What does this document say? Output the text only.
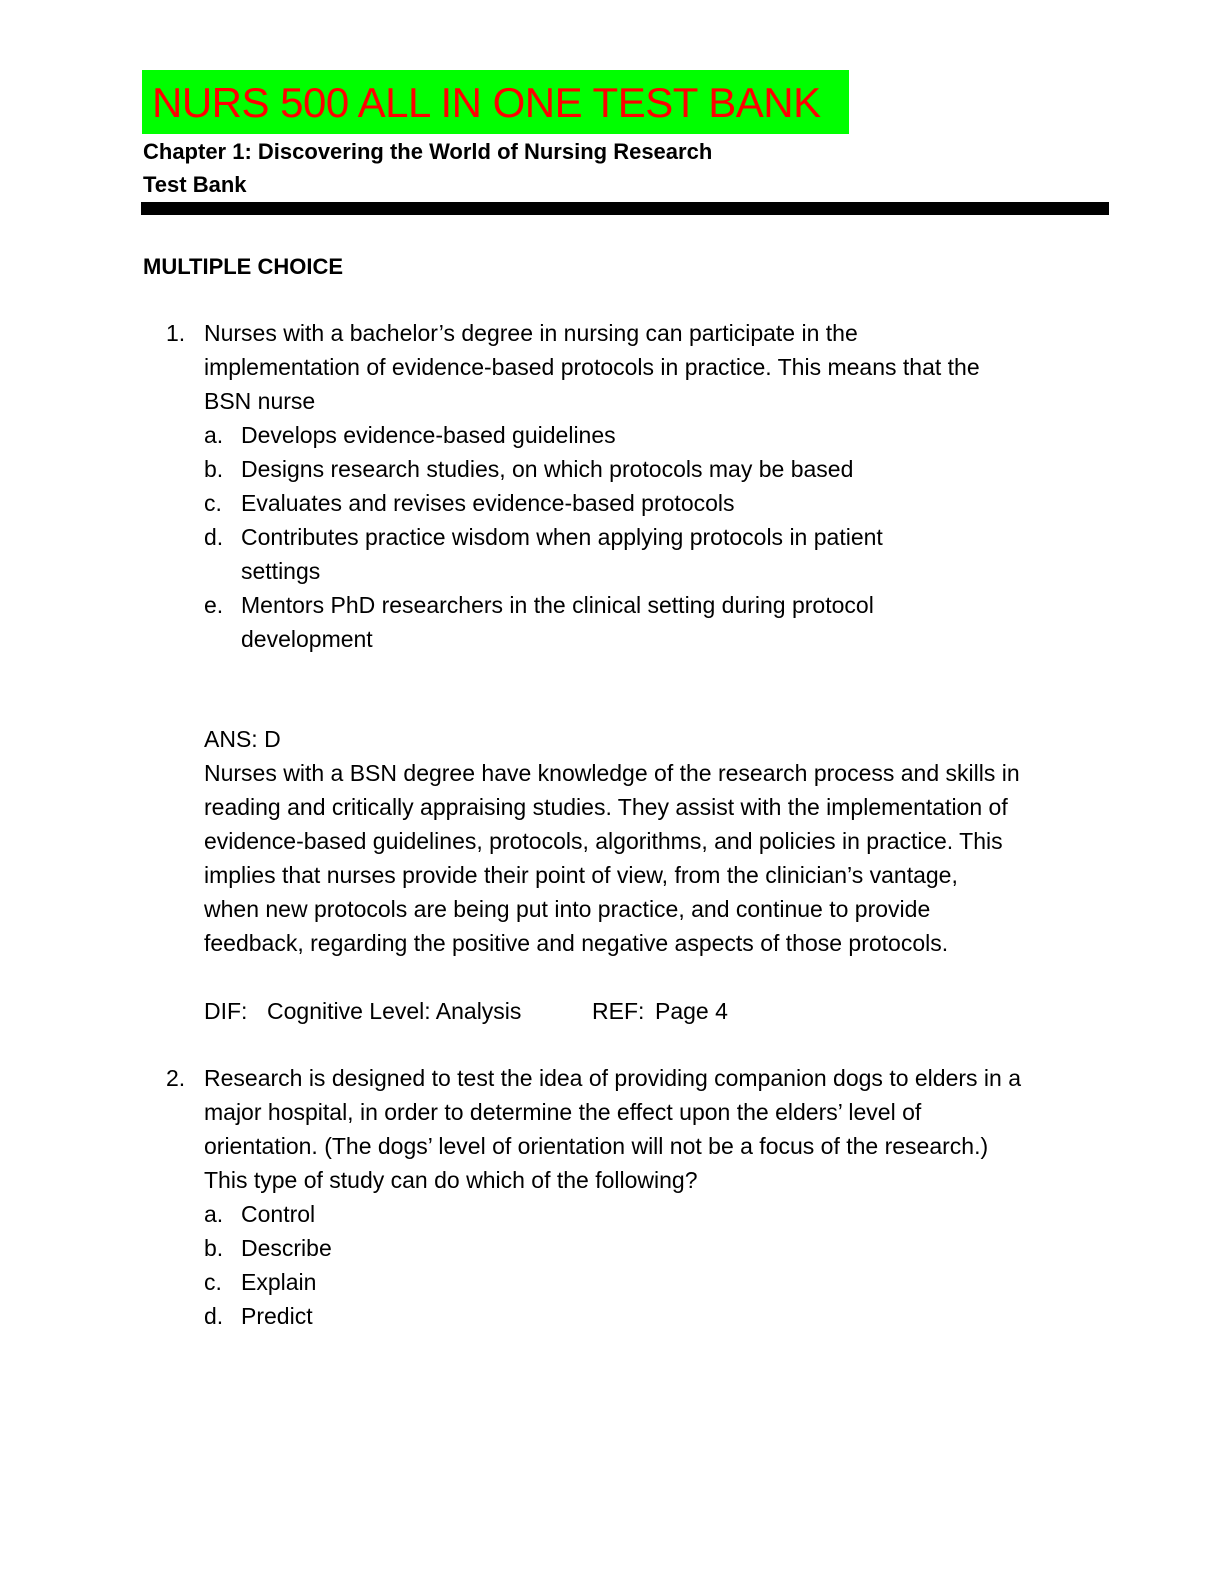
NURS 500 ALL IN ONE TEST BANK
Chapter 1: Discovering the World of Nursing Research
Test Bank
MULTIPLE CHOICE
1. Nurses with a bachelor’s degree in nursing can participate in the
implementation of evidence-based protocols in practice. This means that the
BSN nurse
a. Develops evidence-based guidelines
b. Designs research studies, on which protocols may be based
c. Evaluates and revises evidence-based protocols
d. Contributes practice wisdom when applying protocols in patient
settings
e. Mentors PhD researchers in the clinical setting during protocol
development
ANS: D
Nurses with a BSN degree have knowledge of the research process and skills in
reading and critically appraising studies. They assist with the implementation of
evidence-based guidelines, protocols, algorithms, and policies in practice. This
implies that nurses provide their point of view, from the clinician’s vantage,
when new protocols are being put into practice, and continue to provide
feedback, regarding the positive and negative aspects of those protocols.
DIF: Cognitive Level: Analysis	REF: Page 4
2. Research is designed to test the idea of providing companion dogs to elders in a
major hospital, in order to determine the effect upon the elders’ level of
orientation. (The dogs’ level of orientation will not be a focus of the research.)
This type of study can do which of the following?
a. Control
b. Describe
c. Explain
d. Predict
